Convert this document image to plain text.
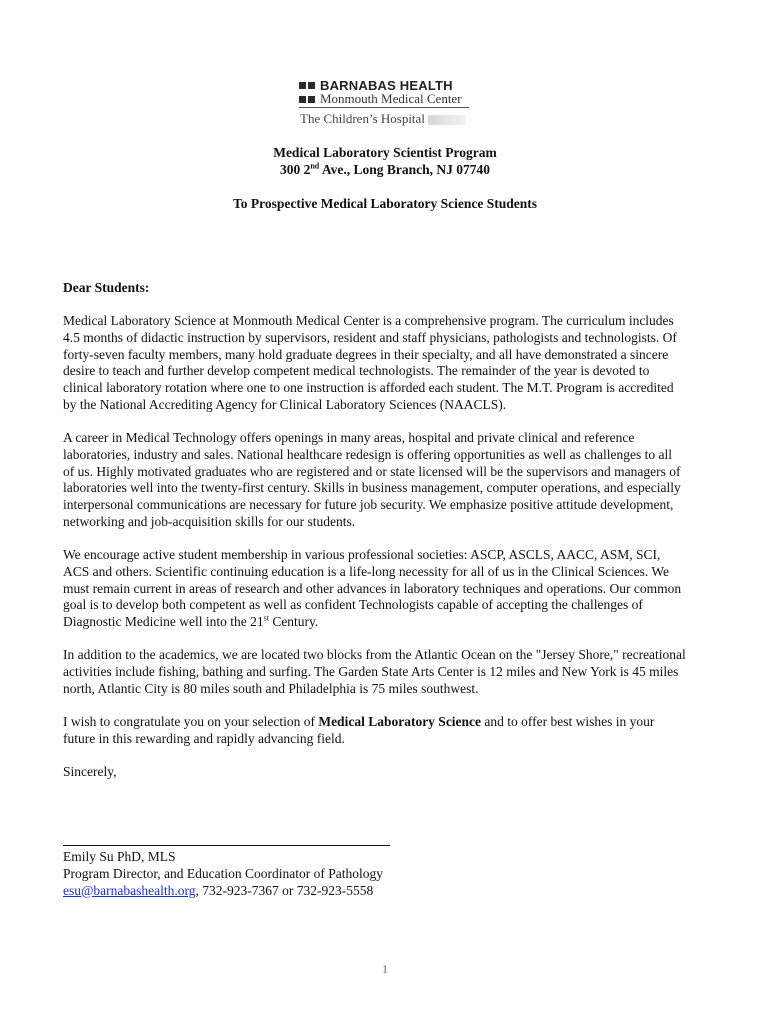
BARNABAS HEALTH
Monmouth Medical Center
The Children’s Hospital
Medical Laboratory Scientist Program
300 2nd Ave., Long Branch, NJ 07740
To Prospective Medical Laboratory Science Students
Dear Students:
Medical Laboratory Science at Monmouth Medical Center is a comprehensive program. The curriculum includes
4.5 months of didactic instruction by supervisors, resident and staff physicians, pathologists and technologists. Of
forty-seven faculty members, many hold graduate degrees in their specialty, and all have demonstrated a sincere
desire to teach and further develop competent medical technologists. The remainder of the year is devoted to
clinical laboratory rotation where one to one instruction is afforded each student. The M.T. Program is accredited
by the National Accrediting Agency for Clinical Laboratory Sciences (NAACLS).
A career in Medical Technology offers openings in many areas, hospital and private clinical and reference
laboratories, industry and sales. National healthcare redesign is offering opportunities as well as challenges to all
of us. Highly motivated graduates who are registered and or state licensed will be the supervisors and managers of
laboratories well into the twenty-first century. Skills in business management, computer operations, and especially
interpersonal communications are necessary for future job security. We emphasize positive attitude development,
networking and job-acquisition skills for our students.
We encourage active student membership in various professional societies: ASCP, ASCLS, AACC, ASM, SCI,
ACS and others. Scientific continuing education is a life-long necessity for all of us in the Clinical Sciences. We
must remain current in areas of research and other advances in laboratory techniques and operations. Our common
goal is to develop both competent as well as confident Technologists capable of accepting the challenges of
Diagnostic Medicine well into the 21st Century.
In addition to the academics, we are located two blocks from the Atlantic Ocean on the "Jersey Shore," recreational
activities include fishing, bathing and surfing. The Garden State Arts Center is 12 miles and New York is 45 miles
north, Atlantic City is 80 miles south and Philadelphia is 75 miles southwest.
I wish to congratulate you on your selection of Medical Laboratory Science and to offer best wishes in your
future in this rewarding and rapidly advancing field.
Sincerely,
Emily Su PhD, MLS
Program Director, and Education Coordinator of Pathology
esu@barnabashealth.org, 732-923-7367 or 732-923-5558
1
